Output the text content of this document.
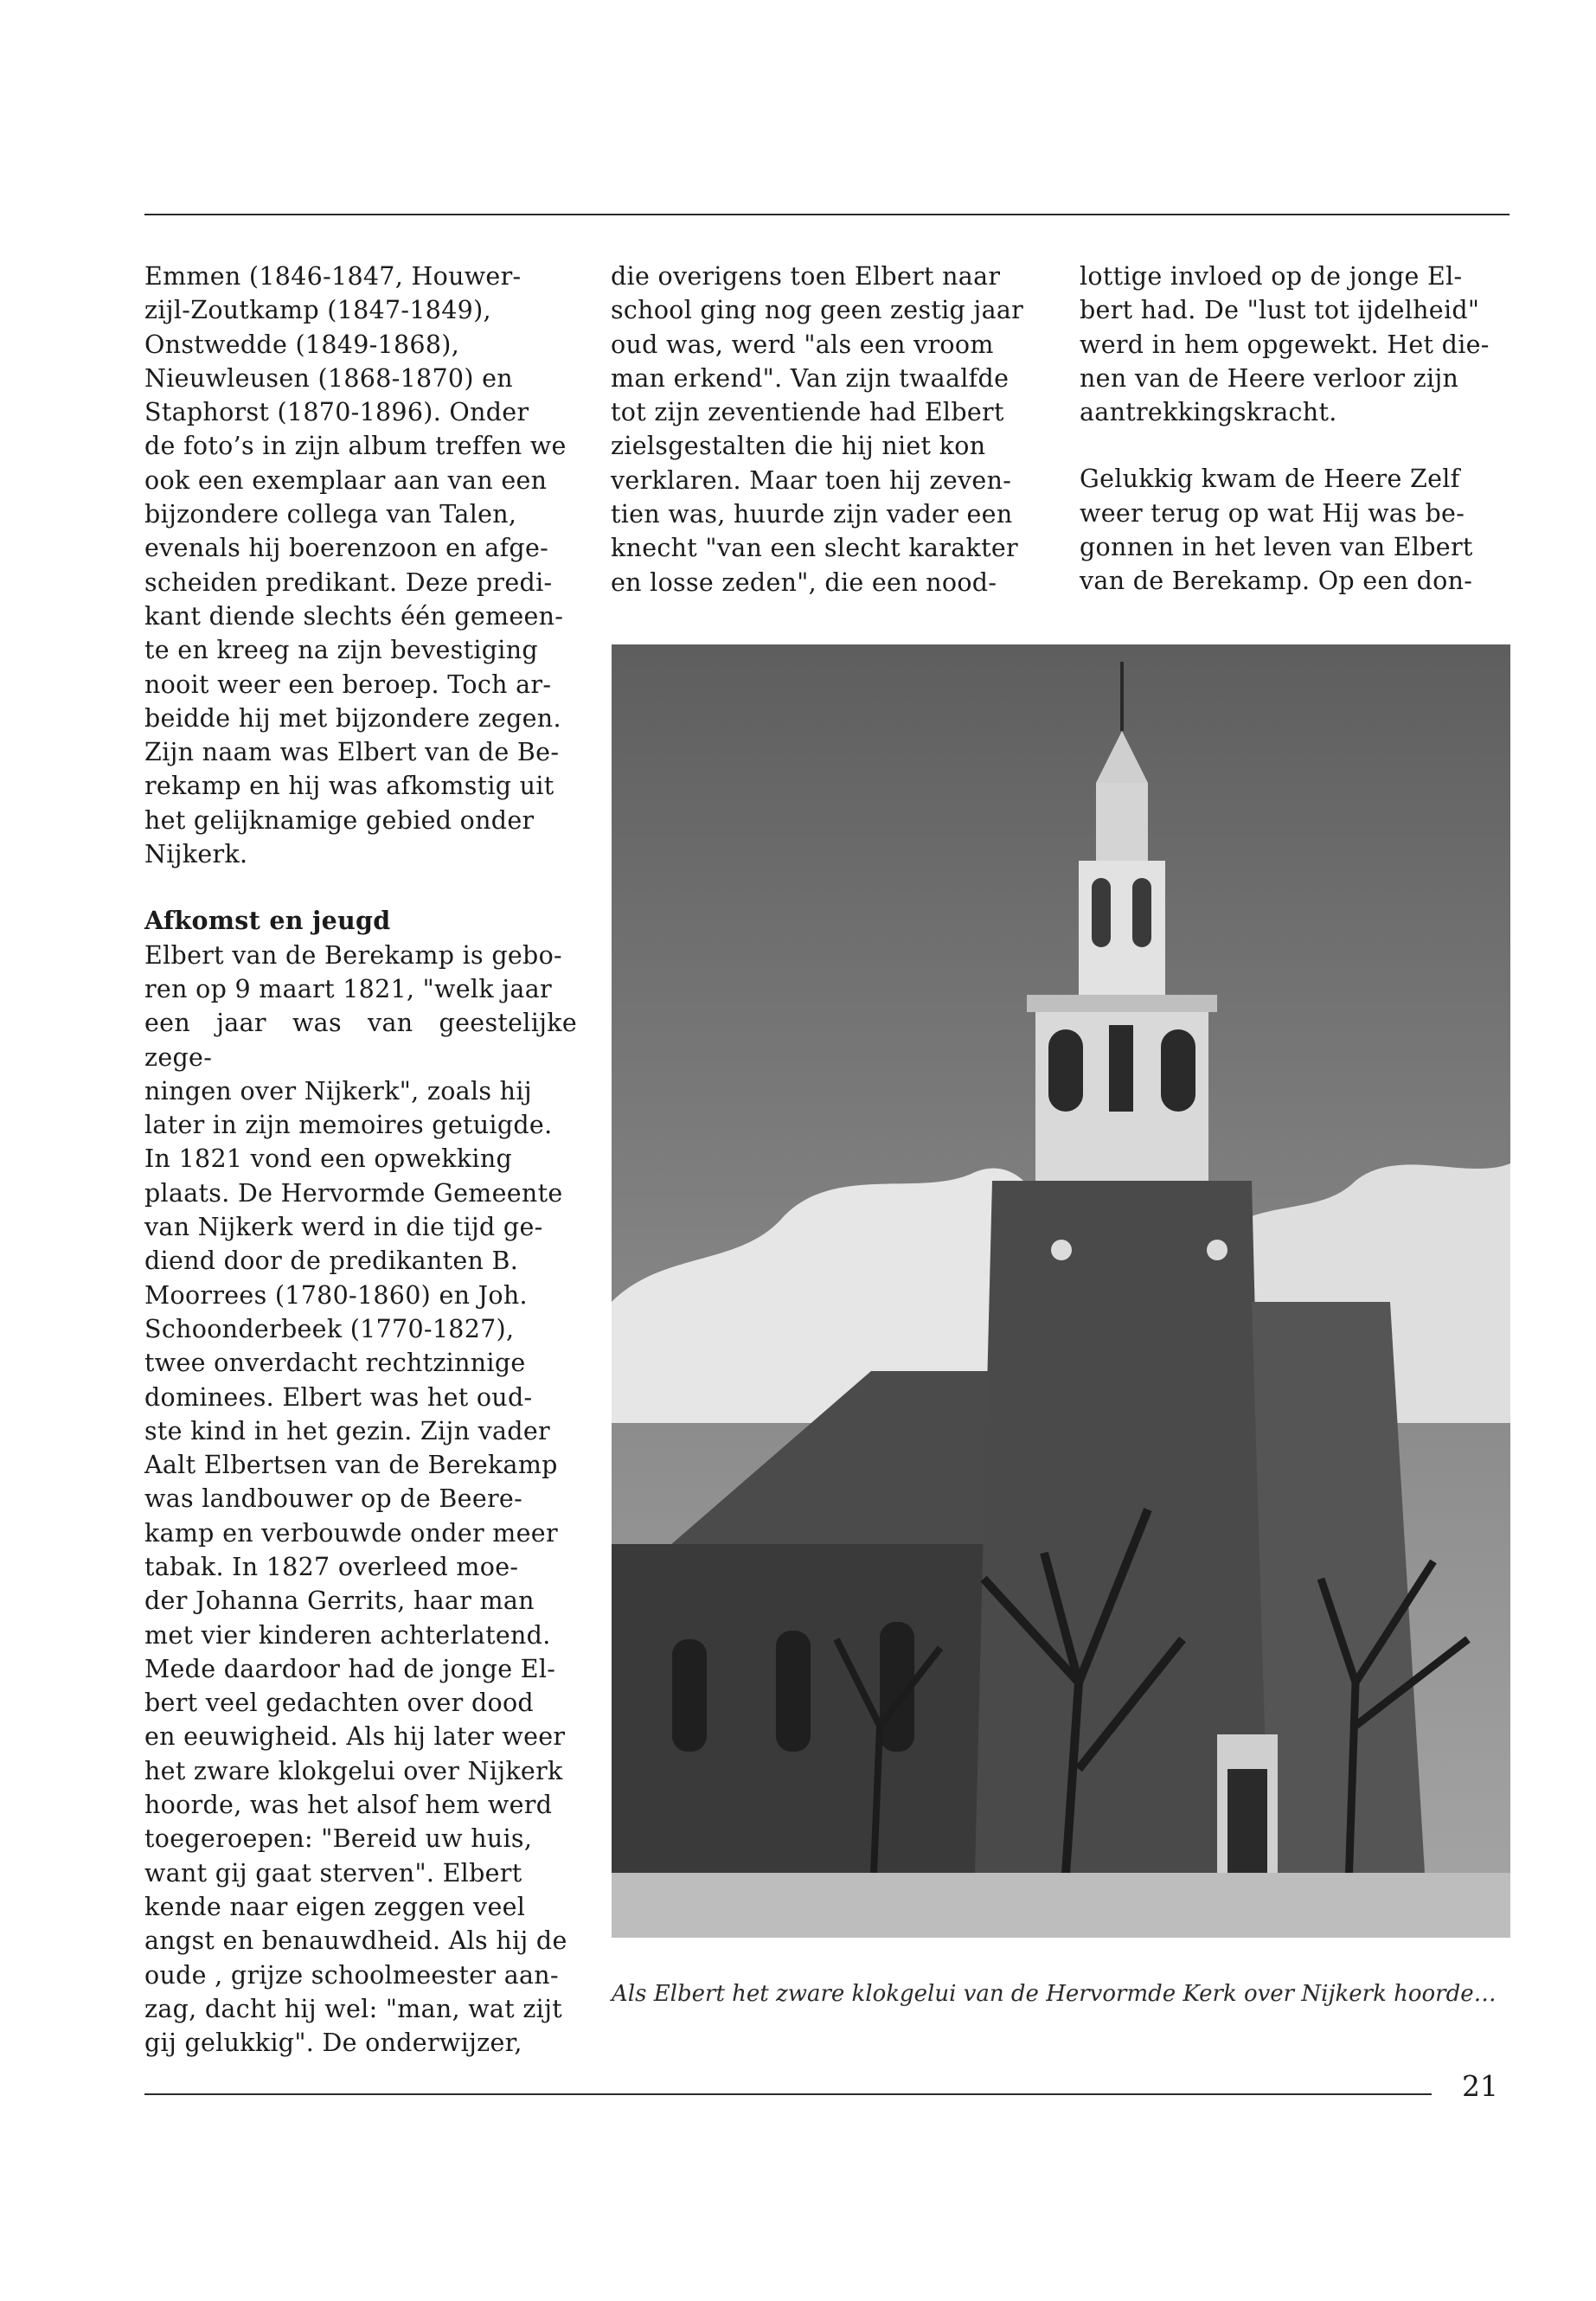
Emmen (1846-1847, Houwer-
zijl-Zoutkamp (1847-1849),
Onstwedde (1849-1868),
Nieuwleusen (1868-1870) en
Staphorst (1870-1896). Onder
de foto’s in zijn album treffen we
ook een exemplaar aan van een
bijzondere collega van Talen,
evenals hij boerenzoon en afge-
scheiden predikant. Deze predi-
kant diende slechts één gemeen-
te en kreeg na zijn bevestiging
nooit weer een beroep. Toch ar-
beidde hij met bijzondere zegen.
Zijn naam was Elbert van de Be-
rekamp en hij was afkomstig uit
het gelijknamige gebied onder
Nijkerk.

Afkomst en jeugd

Elbert van de Berekamp is gebo-
ren op 9 maart 1821, "welk jaar
een jaar was van geestelijke zege-
ningen over Nijkerk", zoals hij
later in zijn memoires getuigde.
In 1821 vond een opwekking
plaats. De Hervormde Gemeente
van Nijkerk werd in die tijd ge-
diend door de predikanten B.
Moorrees (1780-1860) en Joh.
Schoonderbeek (1770-1827),
twee onverdacht rechtzinnige
dominees. Elbert was het oud-
ste kind in het gezin. Zijn vader
Aalt Elbertsen van de Berekamp
was landbouwer op de Beere-
kamp en verbouwde onder meer
tabak. In 1827 overleed moe-
der Johanna Gerrits, haar man
met vier kinderen achterlatend.
Mede daardoor had de jonge El-
bert veel gedachten over dood
en eeuwigheid. Als hij later weer
het zware klokgelui over Nijkerk
hoorde, was het alsof hem werd
toegeroepen: "Bereid uw huis,
want gij gaat sterven". Elbert
kende naar eigen zeggen veel
angst en benauwdheid. Als hij de
oude , grijze schoolmeester aan-
zag, dacht hij wel: "man, wat zijt
gij gelukkig". De onderwijzer,

die overigens toen Elbert naar
school ging nog geen zestig jaar
oud was, werd "als een vroom
man erkend". Van zijn twaalfde
tot zijn zeventiende had Elbert
zielsgestalten die hij niet kon
verklaren. Maar toen hij zeven-
tien was, huurde zijn vader een
knecht "van een slecht karakter
en losse zeden", die een nood-

lottige invloed op de jonge El-
bert had. De "lust tot ijdelheid"
werd in hem opgewekt. Het die-
nen van de Heere verloor zijn
aantrekkingskracht.

Gelukkig kwam de Heere Zelf
weer terug op wat Hij was be-
gonnen in het leven van Elbert
van de Berekamp. Op een don-

Als Elbert het zware klokgelui van de Hervormde Kerk over Nijkerk hoorde…
21
